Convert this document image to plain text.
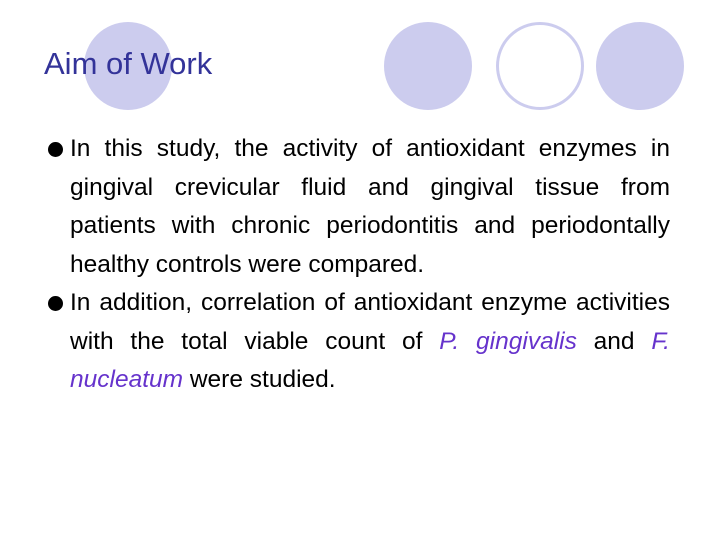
Aim of Work
In this study, the activity of antioxidant enzymes in gingival crevicular fluid and gingival tissue from patients with chronic periodontitis and periodontally healthy controls were compared.
In addition, correlation of antioxidant enzyme activities with the total viable count of P. gingivalis and F. nucleatum were studied.
